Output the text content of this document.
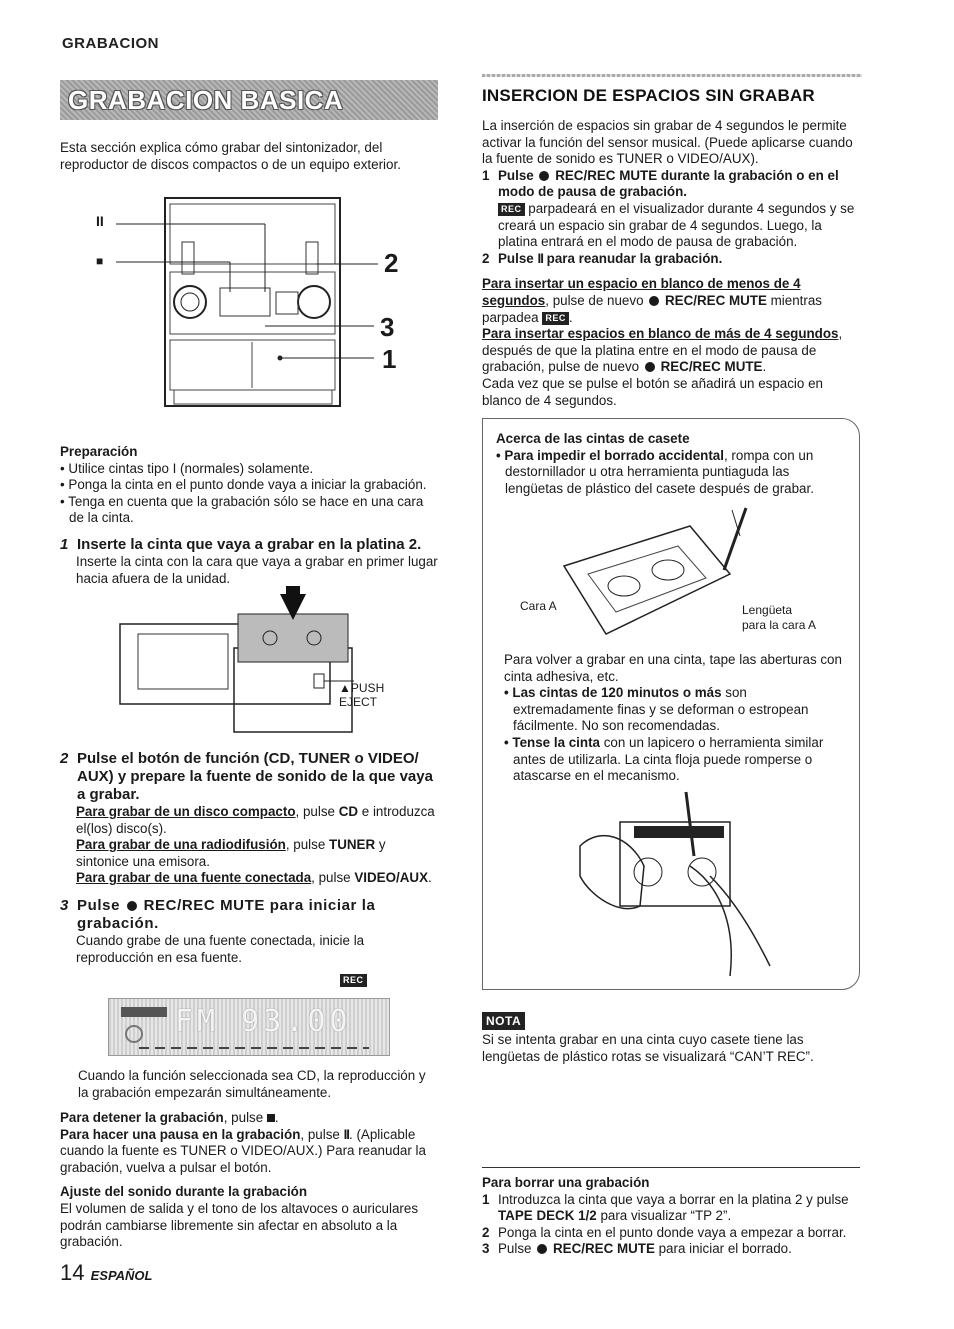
GRABACION
GRABACION BASICA

Esta sección explica cómo grabar del sintonizador, del reproductor de discos compactos o de un equipo exterior.

II
■	2
3
1

Preparación

• Utilice cintas tipo I (normales) solamente.

• Ponga la cinta en el punto donde vaya a iniciar la grabación.

• Tenga en cuenta que la grabación sólo se hace en una cara de la cinta.

1 Inserte la cinta que vaya a grabar en la platina 2.

Inserte la cinta con la cara que vaya a grabar en primer lugar hacia afuera de la unidad.

▲PUSH
EJECT
2 Pulse el botón de función (CD, TUNER o VIDEO/ AUX) y prepare la fuente de sonido de la que vaya a grabar.

Para grabar de un disco compacto, pulse CD e introduzca el(los) disco(s).

Para grabar de una radiodifusión, pulse TUNER y sintonice una emisora.

Para grabar de una fuente conectada, pulse VIDEO/AUX.

3 Pulse REC/REC MUTE para iniciar la grabación.

Cuando grabe de una fuente conectada, inicie la reproducción en esa fuente.

REC
FM 93.00

Cuando la función seleccionada sea CD, la reproducción y la grabación empezarán simultáneamente.

Para detener la grabación, pulse .

Para hacer una pausa en la grabación, pulse II. (Aplicable cuando la fuente es TUNER o VIDEO/AUX.) Para reanudar la grabación, vuelva a pulsar el botón.

Ajuste del sonido durante la grabación

El volumen de salida y el tono de los altavoces o auriculares podrán cambiarse libremente sin afectar en absoluto a la grabación.

14 ESPAÑOL
INSERCION DE ESPACIOS SIN GRABAR

La inserción de espacios sin grabar de 4 segundos le permite activar la función del sensor musical. (Puede aplicarse cuando la fuente de sonido es TUNER o VIDEO/AUX).

1 Pulse REC/REC MUTE durante la grabación o en el modo de pausa de grabación.

REC parpadeará en el visualizador durante 4 segundos y se creará un espacio sin grabar de 4 segundos. Luego, la platina entrará en el modo de pausa de grabación.

2 Pulse II para reanudar la grabación.

Para insertar un espacio en blanco de menos de 4 segundos, pulse de nuevo REC/REC MUTE mientras parpadea REC .

Para insertar espacios en blanco de más de 4 segundos, después de que la platina entre en el modo de pausa de grabación, pulse de nuevo REC/REC MUTE.

Cada vez que se pulse el botón se añadirá un espacio en blanco de 4 segundos.

Acerca de las cintas de casete

• Para impedir el borrado accidental, rompa con un destornillador u otra herramienta puntiaguda las lengüetas de plástico del casete después de grabar.

Cara A	Lengüeta
para la cara A

Para volver a grabar en una cinta, tape las aberturas con cinta adhesiva, etc.

• Las cintas de 120 minutos o más son extremadamente finas y se deforman o estropean fácilmente. No son recomendadas.

• Tense la cinta con un lapicero o herramienta similar antes de utilizarla. La cinta floja puede romperse o atascarse en el mecanismo.

NOTA

Si se intenta grabar en una cinta cuyo casete tiene las lengüetas de plástico rotas se visualizará “CAN’T REC”.

Para borrar una grabación

1 Introduzca la cinta que vaya a borrar en la platina 2 y pulse TAPE DECK 1/2 para visualizar “TP 2”.
2 Ponga la cinta en el punto donde vaya a empezar a borrar.
3 Pulse REC/REC MUTE para iniciar el borrado.
